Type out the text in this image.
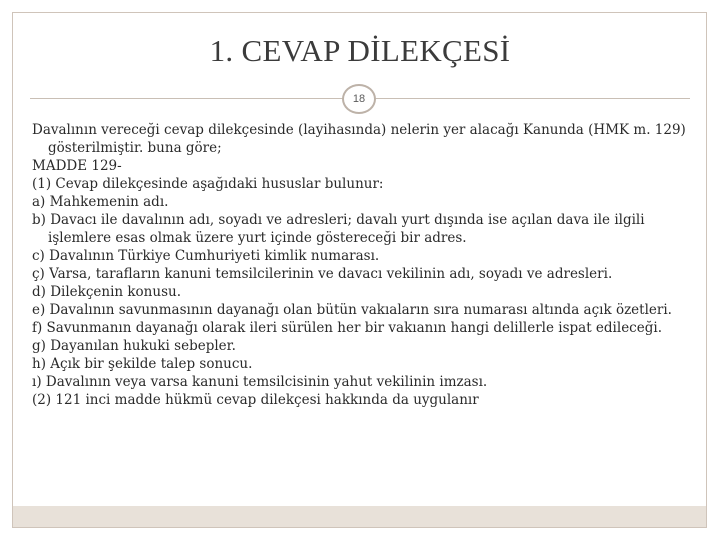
1. CEVAP DİLEKÇESİ
18

Davalının vereceği cevap dilekçesinde (layihasında) nelerin yer alacağı Kanunda (HMK m. 129) gösterilmiştir. buna göre;

MADDE 129-

(1) Cevap dilekçesinde aşağıdaki hususlar bulunur:

a) Mahkemenin adı.

b) Davacı ile davalının adı, soyadı ve adresleri; davalı yurt dışında ise açılan dava ile ilgili işlemlere esas olmak üzere yurt içinde göstereceği bir adres.

c) Davalının Türkiye Cumhuriyeti kimlik numarası.

ç) Varsa, tarafların kanuni temsilcilerinin ve davacı vekilinin adı, soyadı ve adresleri.

d) Dilekçenin konusu.

e) Davalının savunmasının dayanağı olan bütün vakıaların sıra numarası altında açık özetleri.

f) Savunmanın dayanağı olarak ileri sürülen her bir vakıanın hangi delillerle ispat edileceği.

g) Dayanılan hukuki sebepler.

h) Açık bir şekilde talep sonucu.

ı) Davalının veya varsa kanuni temsilcisinin yahut vekilinin imzası.

(2) 121 inci madde hükmü cevap dilekçesi hakkında da uygulanır
